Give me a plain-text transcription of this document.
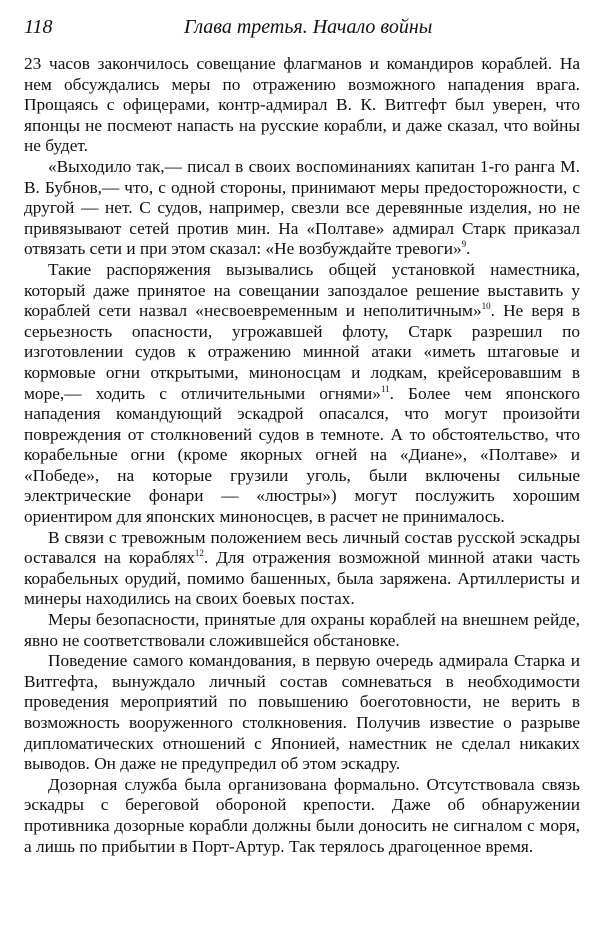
118	Глава третья. Начало войны

23 часов закончилось совещание флагманов и командиров кораблей. На нем обсуждались меры по отражению возможного нападения врага. Прощаясь с офицерами, контр-адмирал В. К. Витгефт был уверен, что японцы не посмеют напасть на русские корабли, и даже сказал, что войны не будет.

«Выходило так,— писал в своих воспоминаниях капитан 1-го ранга М. В. Бубнов,— что, с одной стороны, принимают меры предосторожности, с другой — нет. С судов, например, свезли все деревянные изделия, но не привязывают сетей против мин. На «Полтаве» адмирал Старк приказал отвязать сети и при этом сказал: «Не возбуждайте тревоги»$^9$.

Такие распоряжения вызывались общей установкой наместника, который даже принятое на совещании запоздалое решение выставить у кораблей сети назвал «несвоевременным и неполитичным»$^{10}$. Не веря в серьезность опасности, угрожавшей флоту, Старк разрешил по изготовлении судов к отражению минной атаки «иметь штаговые и кормовые огни открытыми, миноносцам и лодкам, крейсеровавшим в море,— ходить с отличительными огнями»$^{11}$. Более чем японского нападения командующий эскадрой опасался, что могут произойти повреждения от столкновений судов в темноте. А то обстоятельство, что корабельные огни (кроме якорных огней на «Диане», «Полтаве» и «Победе», на которые грузили уголь, были включены сильные электрические фонари — «люстры») могут послужить хорошим ориентиром для японских миноносцев, в расчет не принималось.

В связи с тревожным положением весь личный состав русской эскадры оставался на кораблях$^{12}$. Для отражения возможной минной атаки часть корабельных орудий, помимо башенных, была заряжена. Артиллеристы и минеры находились на своих боевых постах.

Меры безопасности, принятые для охраны кораблей на внешнем рейде, явно не соответствовали сложившейся обстановке.

Поведение самого командования, в первую очередь адмирала Старка и Витгефта, вынуждало личный состав сомневаться в необходимости проведения мероприятий по повышению боеготовности, не верить в возможность вооруженного столкновения. Получив известие о разрыве дипломатических отношений с Японией, наместник не сделал никаких выводов. Он даже не предупредил об этом эскадру.

Дозорная служба была организована формально. Отсутствовала связь эскадры с береговой обороной крепости. Даже об обнаружении противника дозорные корабли должны были доносить не сигналом с моря, а лишь по прибытии в Порт-Артур. Так терялось драгоценное время.
